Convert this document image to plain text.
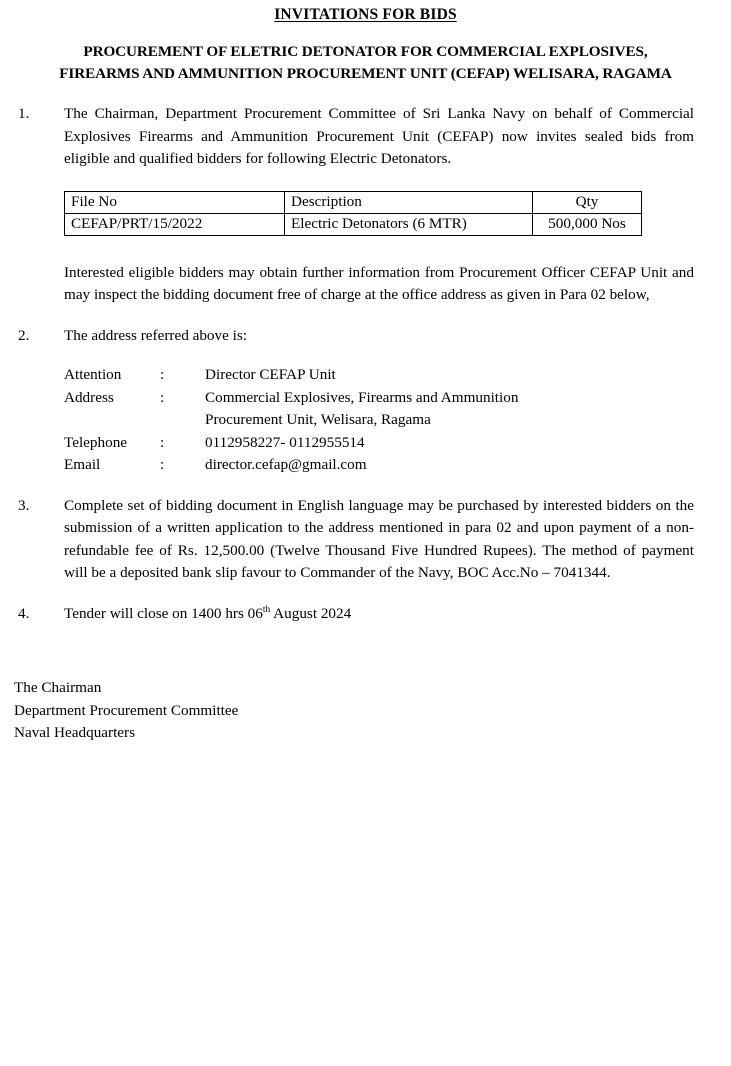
INVITATIONS FOR BIDS
PROCUREMENT OF ELETRIC DETONATOR FOR COMMERCIAL EXPLOSIVES,
FIREARMS AND AMMUNITION PROCUREMENT UNIT (CEFAP) WELISARA, RAGAMA
1.	The Chairman, Department Procurement Committee of Sri Lanka Navy on behalf of Commercial Explosives Firearms and Ammunition Procurement Unit (CEFAP) now invites sealed bids from eligible and qualified bidders for following Electric Detonators.
File No	Description	Qty
CEFAP/PRT/15/2022	Electric Detonators (6 MTR)	500,000 Nos
Interested eligible bidders may obtain further information from Procurement Officer CEFAP Unit and may inspect the bidding document free of charge at the office address as given in Para 02 below,
2.	The address referred above is:
Attention	:	Director CEFAP Unit
Address	:	Commercial Explosives, Firearms and Ammunition
Procurement Unit, Welisara, Ragama
Telephone	:	0112958227- 0112955514
Email	:	director.cefap@gmail.com
3.	Complete set of bidding document in English language may be purchased by interested bidders on the submission of a written application to the address mentioned in para 02 and upon payment of a non-refundable fee of Rs. 12,500.00 (Twelve Thousand Five Hundred Rupees). The method of payment will be a deposited bank slip favour to Commander of the Navy, BOC Acc.No – 7041344.
4.	Tender will close on 1400 hrs 06th August 2024
The Chairman
Department Procurement Committee
Naval Headquarters
